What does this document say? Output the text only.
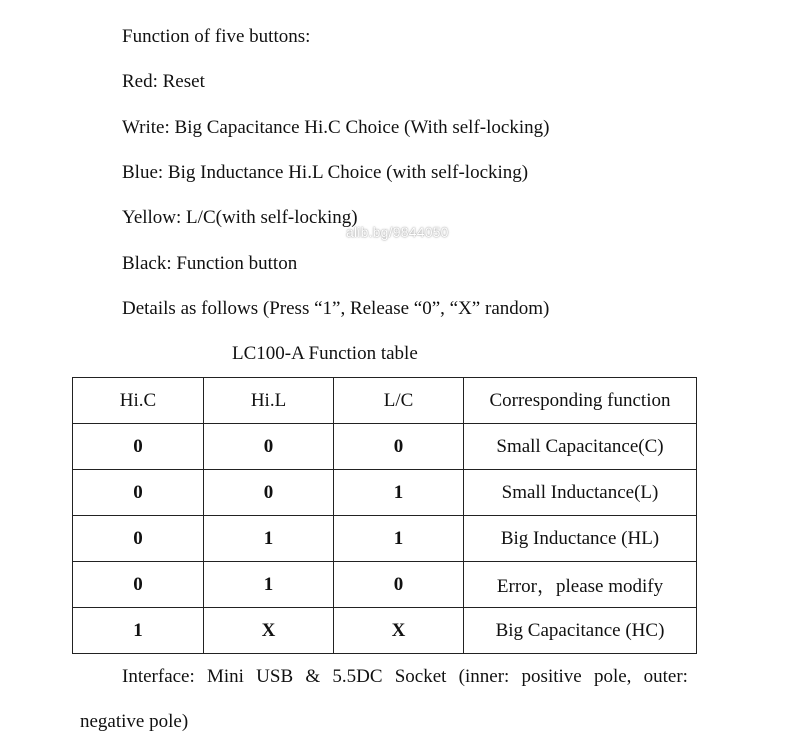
Function of five buttons:
Red: Reset
Write: Big Capacitance Hi.C Choice (With self-locking)
Blue: Big Inductance Hi.L Choice (with self-locking)
Yellow: L/C(with self-locking)
alib.bg/9844050
Black: Function button
Details as follows (Press “1”, Release “0”, “X” random)
LC100-A Function table
Hi.C	Hi.L	L/C	Corresponding function
0	0	0	Small Capacitance(C)
0	0	1	Small Inductance(L)
0	1	1	Big Inductance (HL)
0	1	0	Error，please modify
1	X	X	Big Capacitance (HC)
Interface: Mini USB & 5.5DC Socket (inner: positive pole, outer:
negative pole)
